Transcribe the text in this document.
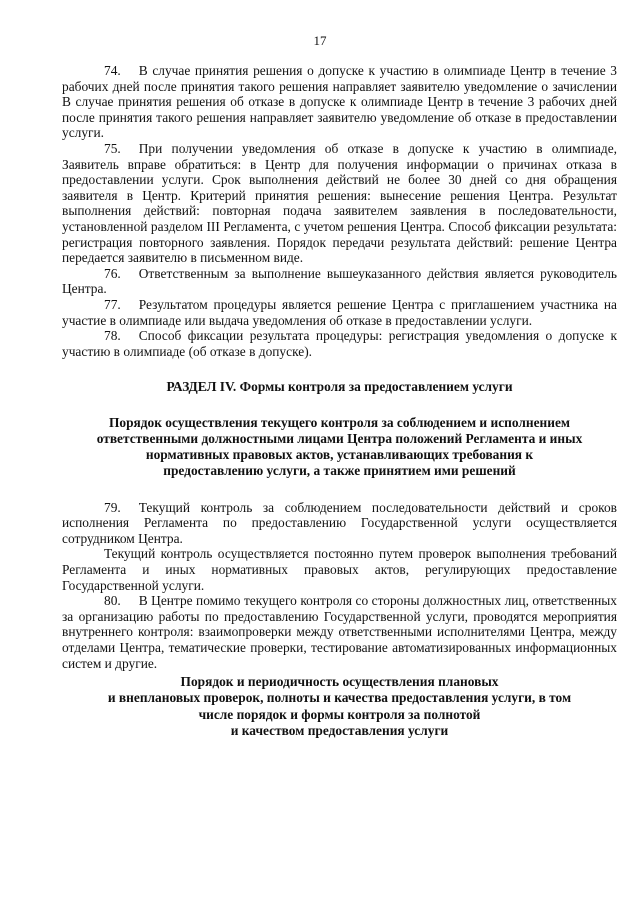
17

74. В случае принятия решения о допуске к участию в олимпиаде Центр в течение 3 рабочих дней после принятия такого решения направляет заявителю уведомление о зачислении В случае принятия решения об отказе в допуске к олимпиаде Центр в течение 3 рабочих дней после принятия такого решения направляет заявителю уведомление об отказе в предоставлении услуги.

75. При получении уведомления об отказе в допуске к участию в олимпиаде, Заявитель вправе обратиться: в Центр для получения информации о причинах отказа в предоставлении услуги. Срок выполнения действий не более 30 дней со дня обращения заявителя в Центр. Критерий принятия решения: вынесение решения Центра. Результат выполнения действий: повторная подача заявителем заявления в последовательности, установленной разделом III Регламента, с учетом решения Центра. Способ фиксации результата: регистрация повторного заявления. Порядок передачи результата действий: решение Центра передается заявителю в письменном виде.

76. Ответственным за выполнение вышеуказанного действия является руководитель Центра.

77. Результатом процедуры является решение Центра с приглашением участника на участие в олимпиаде или выдача уведомления об отказе в предоставлении услуги.

78. Способ фиксации результата процедуры: регистрация уведомления о допуске к участию в олимпиаде (об отказе в допуске).

РАЗДЕЛ IV. Формы контроля за предоставлением услуги

Порядок осуществления текущего контроля за соблюдением и исполнением

ответственными должностными лицами Центра положений Регламента и иных

нормативных правовых актов, устанавливающих требования к

предоставлению услуги, а также принятием ими решений

79. Текущий контроль за соблюдением последовательности действий и сроков исполнения Регламента по предоставлению Государственной услуги осуществляется сотрудником Центра.

Текущий контроль осуществляется постоянно путем проверок выполнения требований Регламента и иных нормативных правовых актов, регулирующих предоставление Государственной услуги.

80. В Центре помимо текущего контроля со стороны должностных лиц, ответственных за организацию работы по предоставлению Государственной услуги, проводятся мероприятия внутреннего контроля: взаимопроверки между ответственными исполнителями Центра, между отделами Центра, тематические проверки, тестирование автоматизированных информационных систем и другие.

Порядок и периодичность осуществления плановых

и внеплановых проверок, полноты и качества предоставления услуги, в том

числе порядок и формы контроля за полнотой

и качеством предоставления услуги
